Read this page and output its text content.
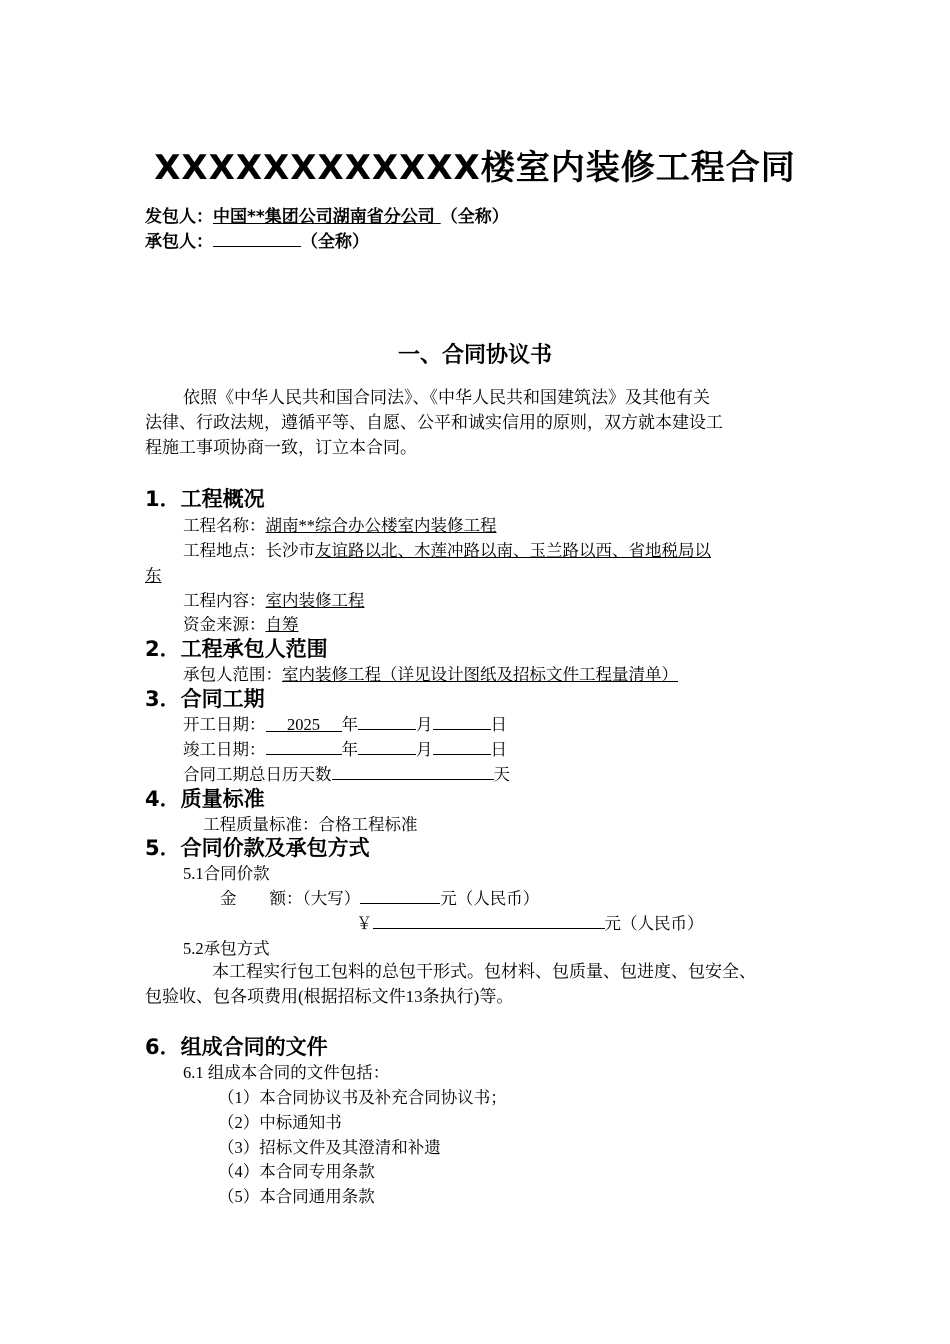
XXXXXXXXXXXX楼室内装修工程合同
发包人：中国**集团公司湖南省分公司 （全称）
承包人：	（全称）
一、合同协议书
依照《中华人民共和国合同法》、《中华人民共和国建筑法》及其他有关
法律、行政法规，遵循平等、自愿、公平和诚实信用的原则，双方就本建设工
程施工事项协商一致，订立本合同。
1．工程概况
工程名称：湖南**综合办公楼室内装修工程
工程地点：长沙市友谊路以北、木莲冲路以南、玉兰路以西、省地税局以
东
工程内容：室内装修工程
资金来源：自筹
2．工程承包人范围
承包人范围：室内装修工程（详见设计图纸及招标文件工程量清单）
3．合同工期
开工日期： 2025 年	月	日
竣工日期：	年	月	日
合同工期总日历天数	天
4．质量标准
工程质量标准：合格工程标准
5．合同价款及承包方式
5.1合同价款
金　　额：（大写）	元（人民币）
￥	元（人民币）
5.2承包方式
本工程实行包工包料的总包干形式。包材料、包质量、包进度、包安全、
包验收、包各项费用(根据招标文件13条执行)等。
6．组成合同的文件
6.1 组成本合同的文件包括：
（1）本合同协议书及补充合同协议书；
（2）中标通知书
（3）招标文件及其澄清和补遗
（4）本合同专用条款
（5）本合同通用条款
